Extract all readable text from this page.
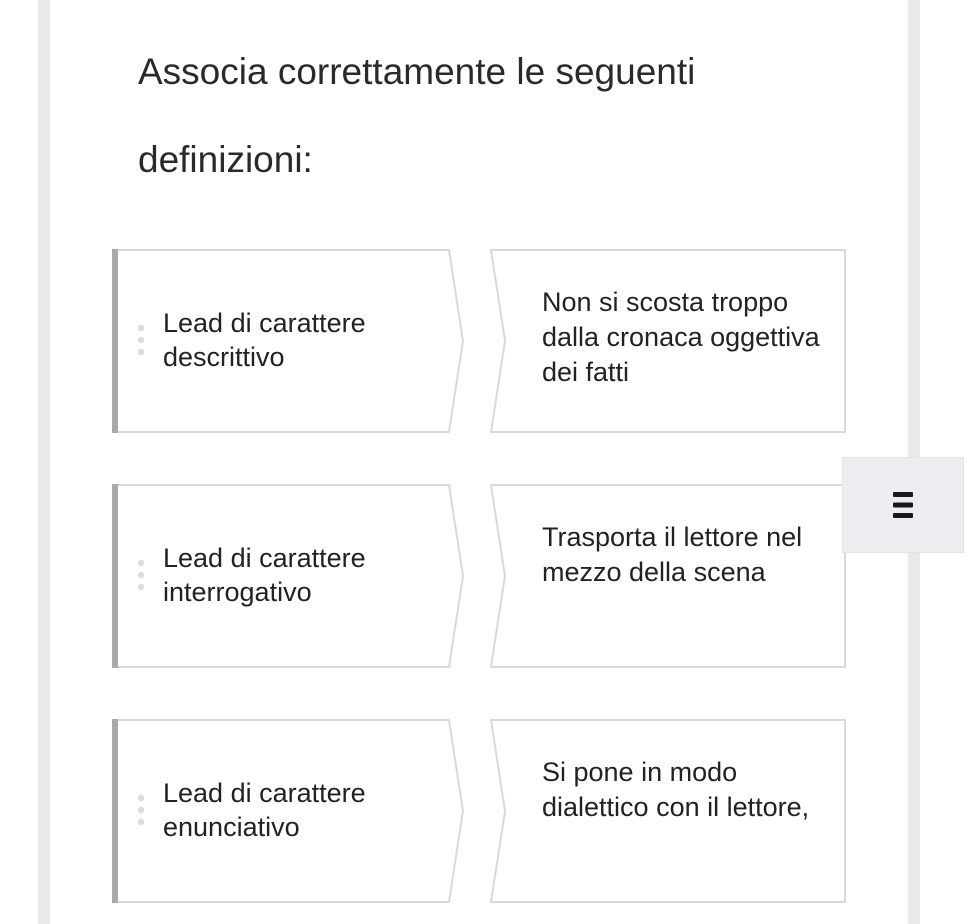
Associa correttamente le seguenti definizioni:
Lead di carattere descrittivo
Non si scosta troppo dalla cronaca oggettiva dei fatti
Lead di carattere interrogativo
Trasporta il lettore nel mezzo della scena
Lead di carattere enunciativo
Si pone in modo dialettico con il lettore,
